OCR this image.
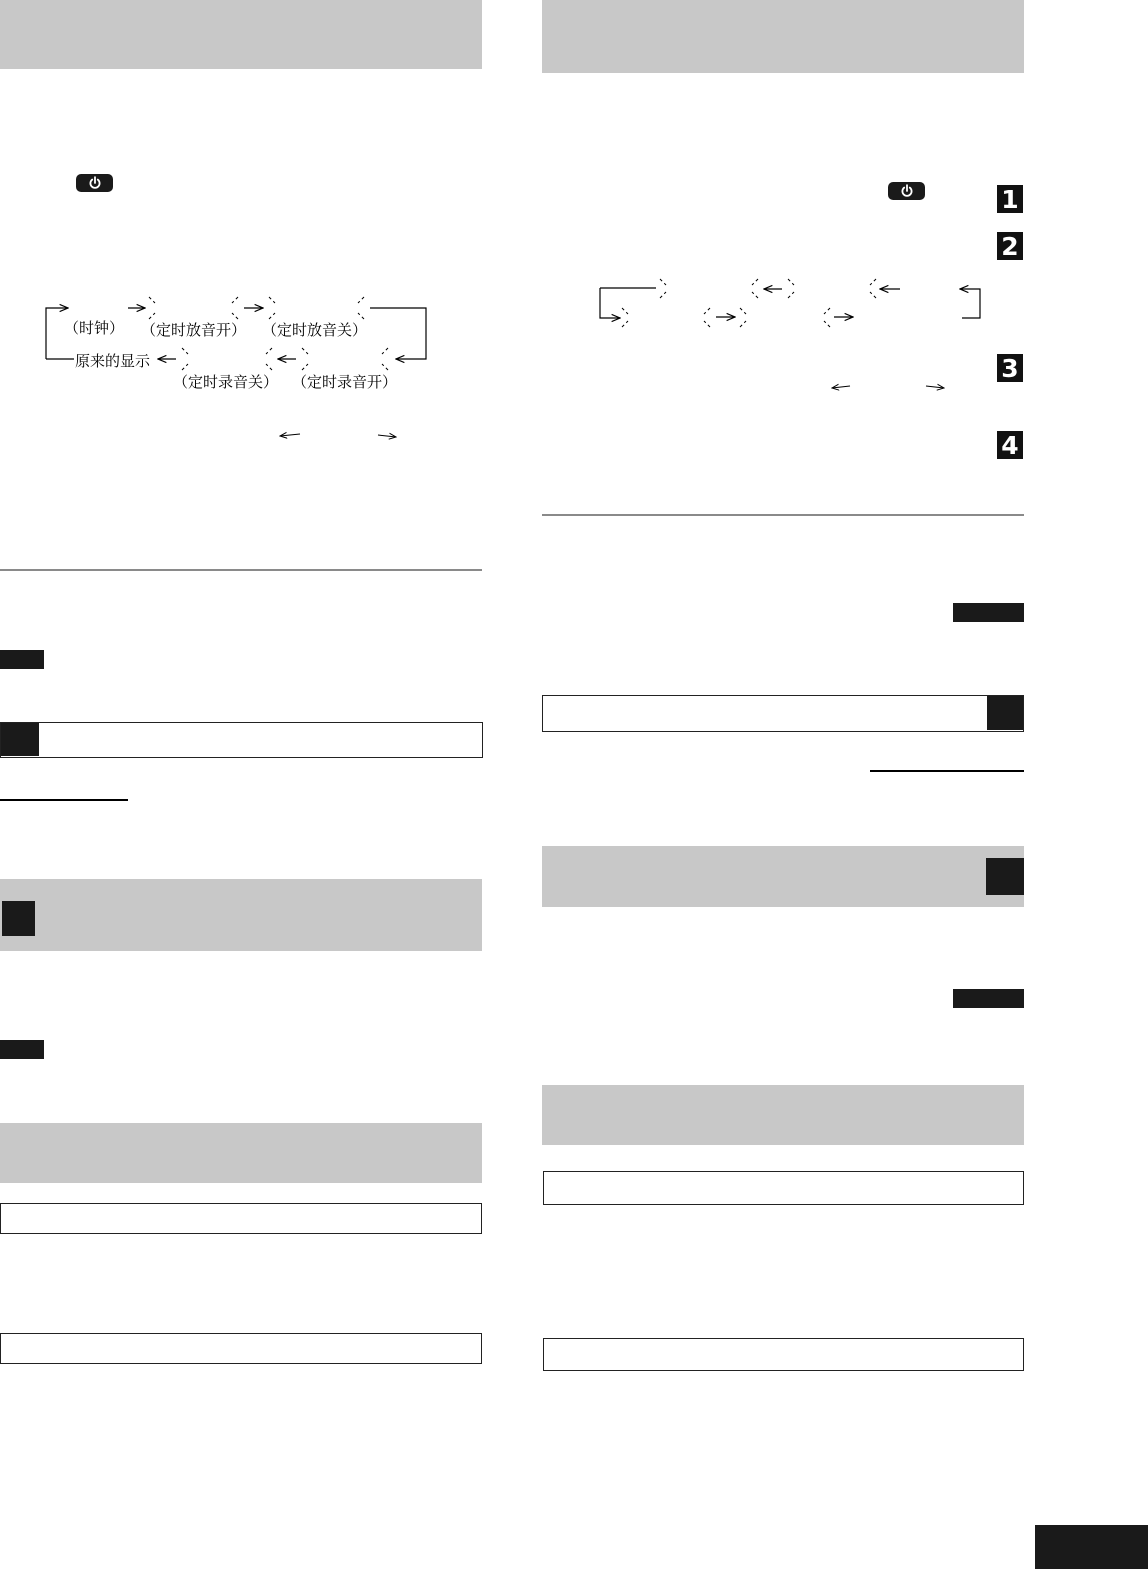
（时钟） （定时放音开） （定时放音关）
原来的显示
（定时录音关） （定时录音开）
1
2
3
4
